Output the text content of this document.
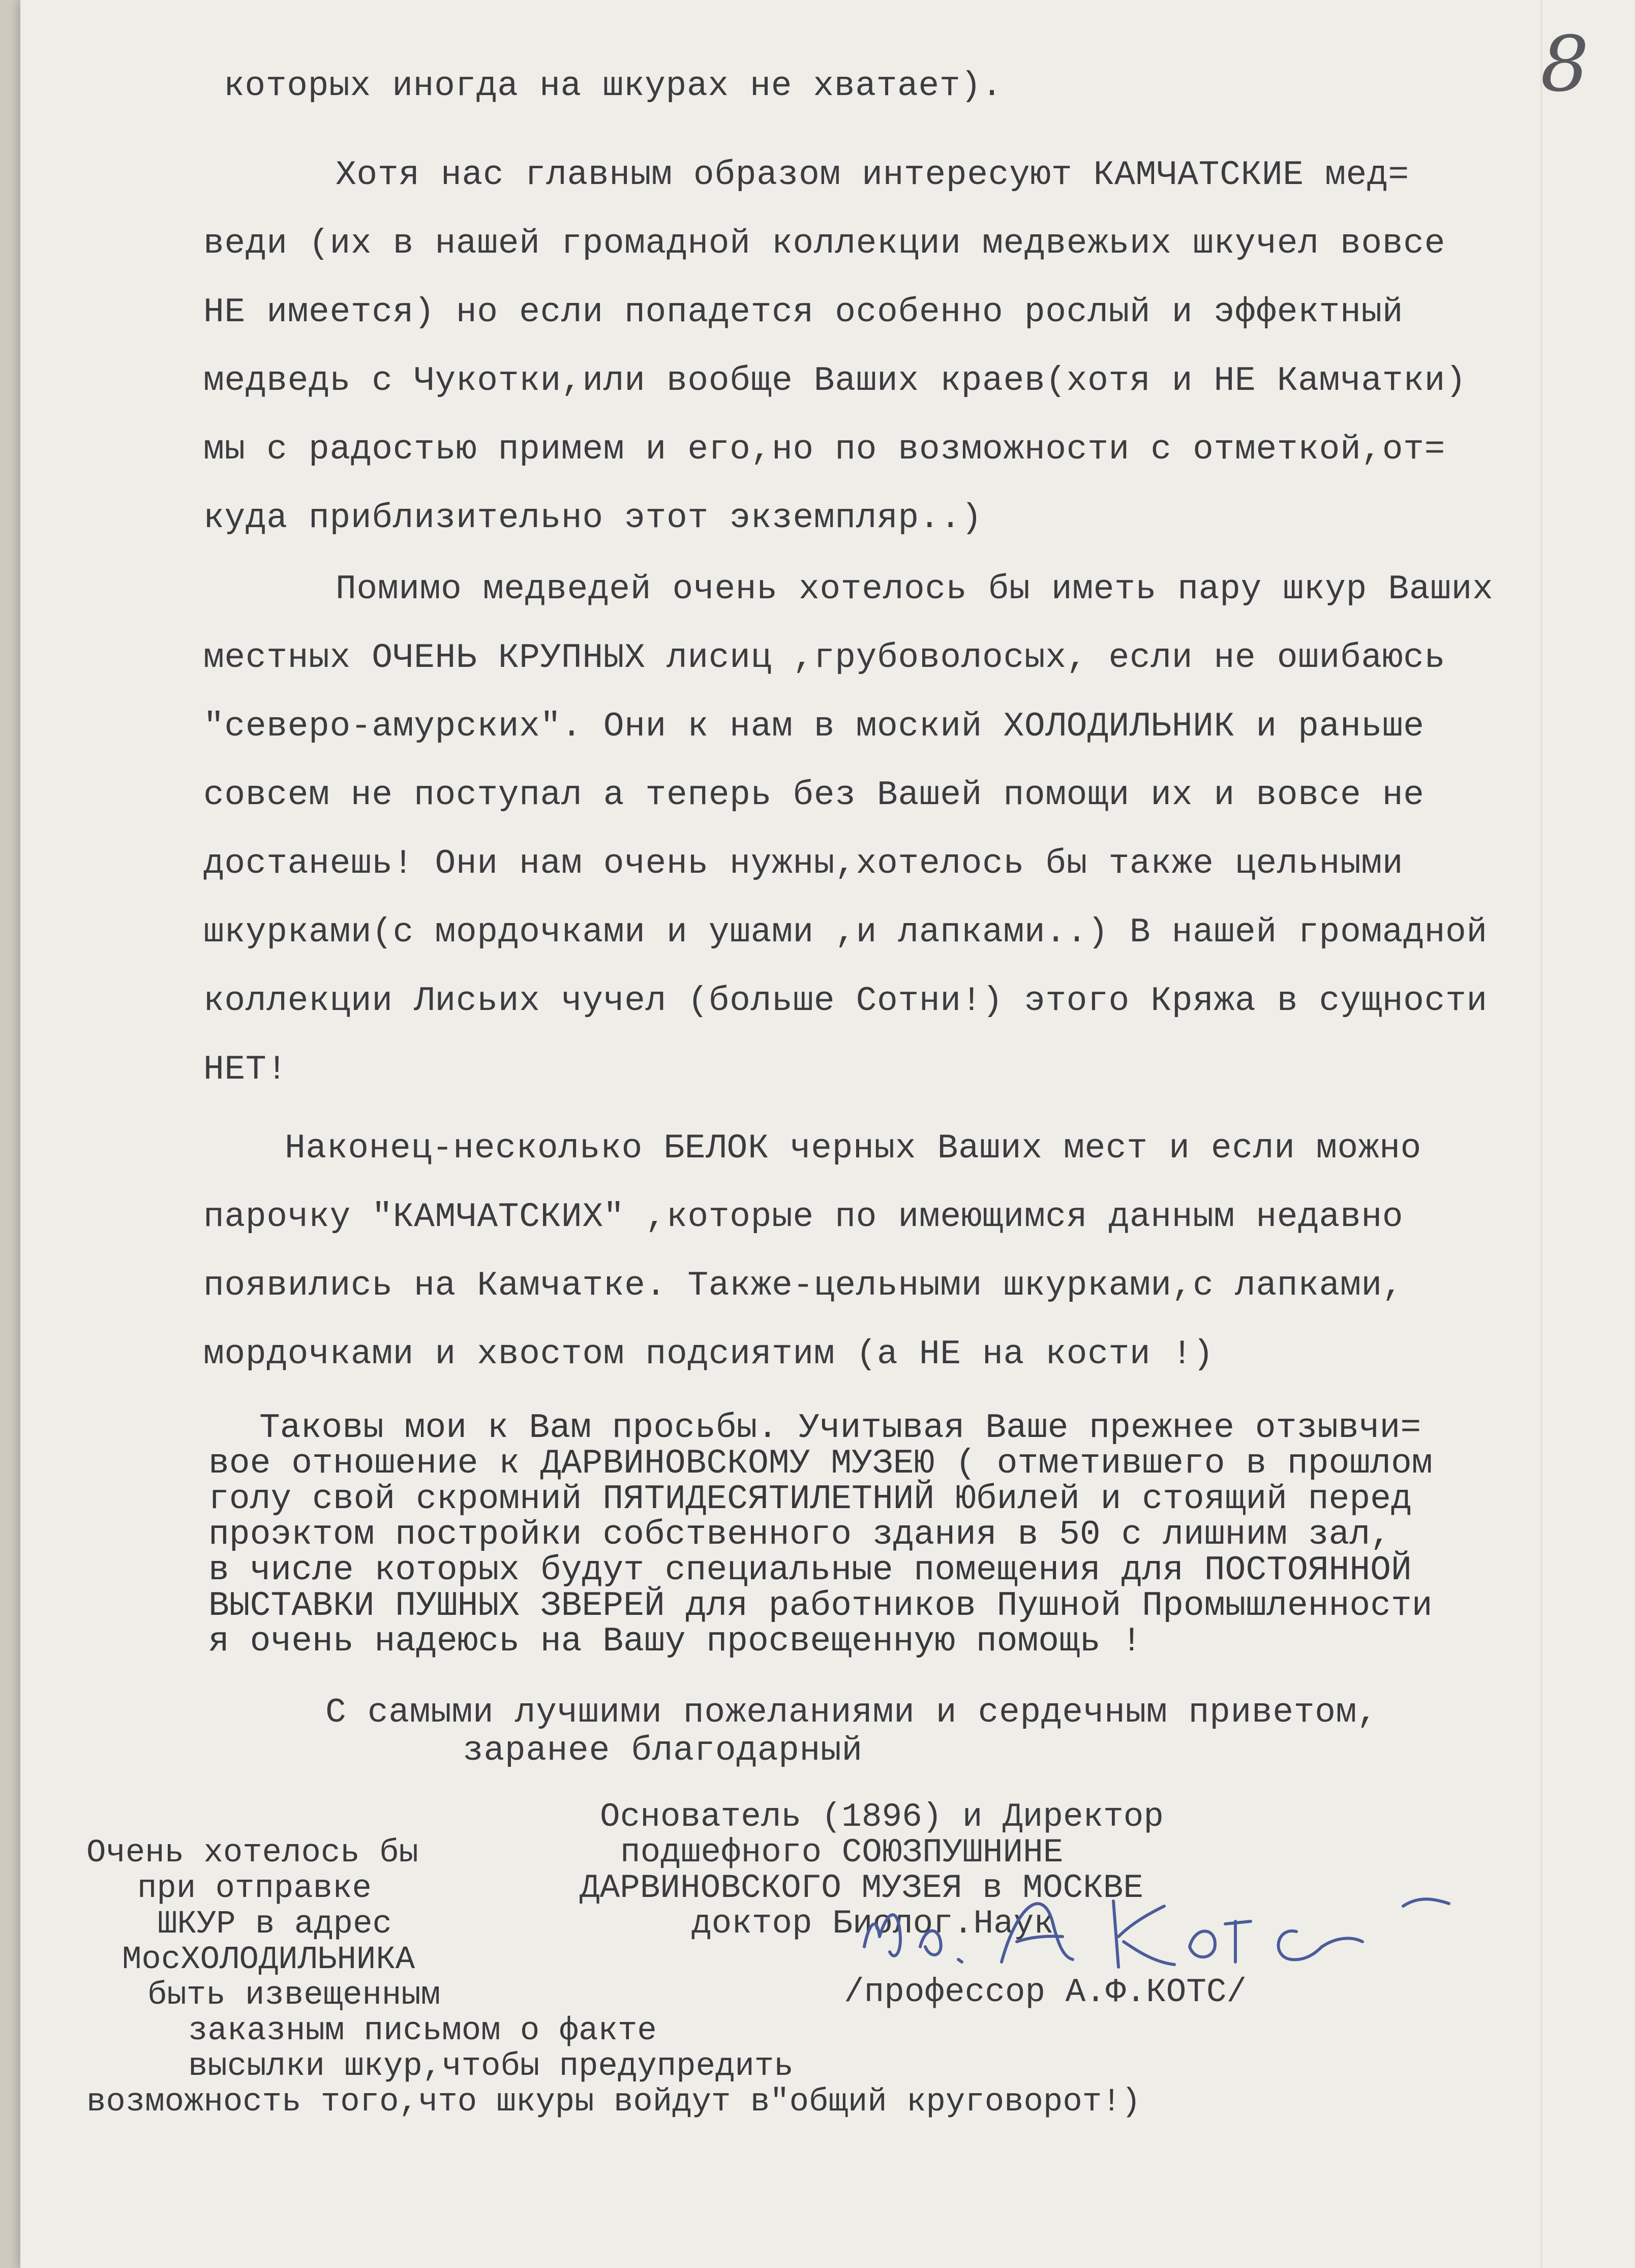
8
которых иногда на шкурах не хватает).
Хотя нас главным образом интересуют КАМЧАТСКИЕ мед=
веди (их в нашей громадной коллекции медвежьих шкучел вовсе
НЕ имеется) но если попадется особенно рослый и эффектный
медведь с Чукотки,или вообще Ваших краев(хотя и НЕ Камчатки)
мы с радостью примем и его,но по возможности с отметкой,от=
куда приблизительно этот экземпляр..)
Помимо медведей очень хотелось бы иметь пару шкур Ваших
местных ОЧЕНЬ КРУПНЫХ лисиц ,грубоволосых, если не ошибаюсь
"северо-амурских". Они к нам в моский ХОЛОДИЛЬНИК и раньше
совсем не поступал а теперь без Вашей помощи их и вовсе не
достанешь! Они нам очень нужны,хотелось бы также цельными
шкурками(с мордочками и ушами ,и лапками..) В нашей громадной
коллекции Лисьих чучел (больше Сотни!) этого Кряжа в сущности
НЕТ!
Наконец-несколько БЕЛОК черных Ваших мест и если можно
парочку "КАМЧАТСКИХ" ,которые по имеющимся данным недавно
появились на Камчатке. Также-цельными шкурками,с лапками,
мордочками и хвостом подсиятим (а НЕ на кости !)
Таковы мои к Вам просьбы. Учитывая Ваше прежнее отзывчи=
вое отношение к ДАРВИНОВСКОМУ МУЗЕЮ ( отметившего в прошлом
голу свой скромний ПЯТИДЕСЯТИЛЕТНИЙ Юбилей и стоящий перед
проэктом постройки собственного здания в 50 с лишним зал,
в числе которых будут специальные помещения для ПОСТОЯННОЙ
ВЫСТАВКИ ПУШНЫХ ЗВЕРЕЙ для работников Пушной Промышленности
я очень надеюсь на Вашу просвещенную помощь !
С самыми лучшими пожеланиями и сердечным приветом,
заранее благодарный
Основатель (1896) и Директор
подшефного СОЮЗПУШНИНЕ
ДАРВИНОВСКОГО МУЗЕЯ в МОСКВЕ
доктор Биолог.Наук
/профессор А.Ф.КОТС/
Очень хотелось бы
при отправке
ШКУР в адрес
МосХОЛОДИЛЬНИКА
быть извещенным
заказным письмом о факте
высылки шкур,чтобы предупредить
возможность того,что шкуры войдут в"общий круговорот!)
